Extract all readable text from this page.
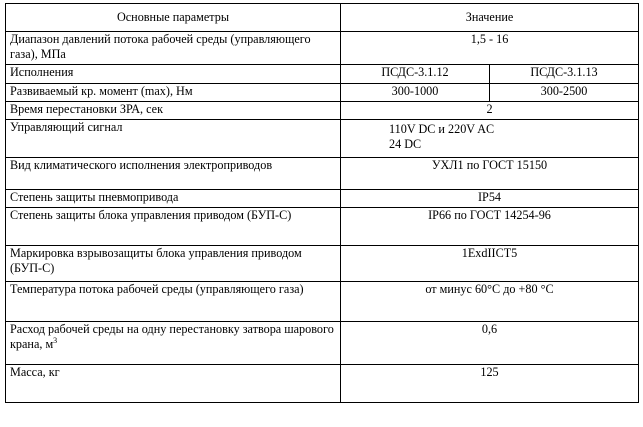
Основные параметры	Значение	
Диапазон давлений потока рабочей среды (управляющего газа), МПа	1,5 - 16	
Исполнения	ПСДС-3.1.12	ПСДС-3.1.13
Развиваемый кр. момент (max), Нм	300-1000	300-2500
Время перестановки ЗРА, сек	2	
Управляющий сигнал	110V DC и 220V AC
24 DC	

Вид климатического исполнения электроприводов	УХЛ1 по ГОСТ 15150	
Степень защиты пневмопривода	IP54	
Степень защиты блока управления приводом (БУП-С)	IP66 по ГОСТ 14254-96	
Маркировка взрывозащиты блока управления приводом (БУП-С)	1ExdIICT5	
Температура потока рабочей среды (управляющего газа)	от минус 60°С до +80 °С	
Расход рабочей среды на одну перестановку затвора шарового крана, $м^3$	0,6	
Масса, кг	125	
